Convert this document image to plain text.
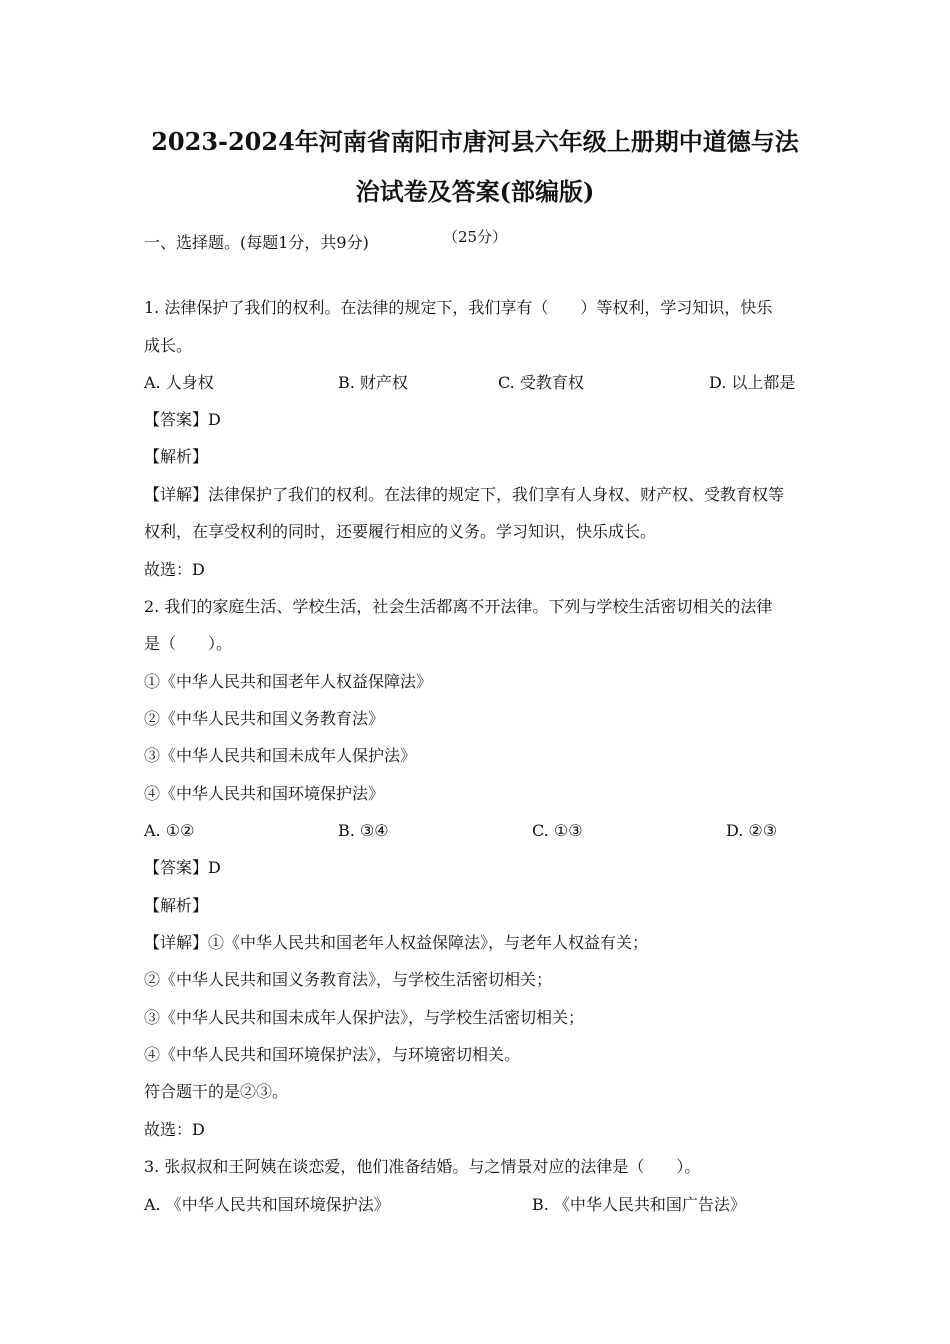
2023-2024年河南省南阳市唐河县六年级上册期中道德与法
治试卷及答案(部编版)
（25分）
一、选择题。(每题1分，共9分)
1. 法律保护了我们的权利。在法律的规定下，我们享有（　　）等权利，学习知识，快乐
成长。
A. 人身权	B. 财产权	C. 受教育权	D. 以上都是
【答案】D
【解析】
【详解】法律保护了我们的权利。在法律的规定下，我们享有人身权、财产权、受教育权等
权利，在享受权利的同时，还要履行相应的义务。学习知识，快乐成长。
故选：D
2. 我们的家庭生活、学校生活，社会生活都离不开法律。下列与学校生活密切相关的法律
是（　　）。
①《中华人民共和国老年人权益保障法》
②《中华人民共和国义务教育法》
③《中华人民共和国未成年人保护法》
④《中华人民共和国环境保护法》
A. ①②	B. ③④	C. ①③	D. ②③
【答案】D
【解析】
【详解】①《中华人民共和国老年人权益保障法》，与老年人权益有关；
②《中华人民共和国义务教育法》，与学校生活密切相关；
③《中华人民共和国未成年人保护法》，与学校生活密切相关；
④《中华人民共和国环境保护法》，与环境密切相关。
符合题干的是②③。
故选：D
3. 张叔叔和王阿姨在谈恋爱，他们准备结婚。与之情景对应的法律是（　　）。
A. 《中华人民共和国环境保护法》	B. 《中华人民共和国广告法》
